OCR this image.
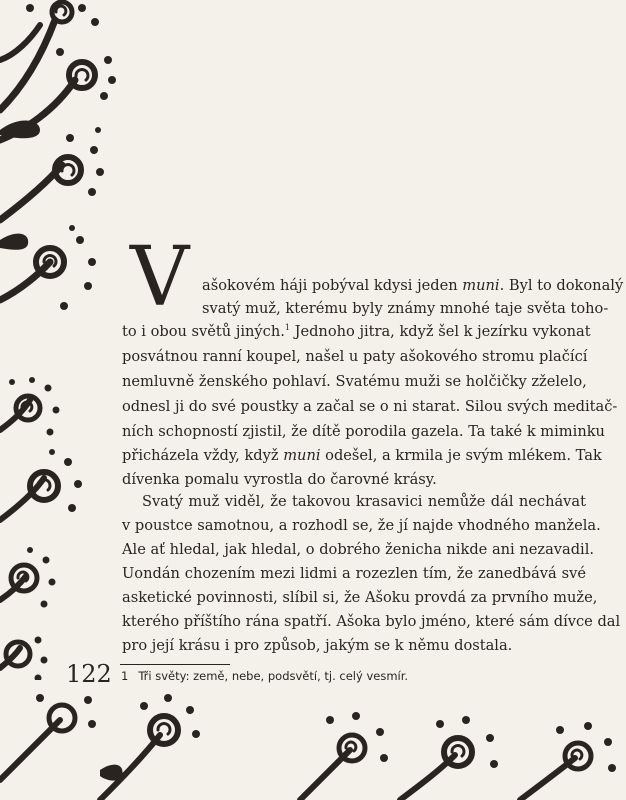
V ašokovém háji pobýval kdysi jeden muni. Byl to dokonalý
svatý muž, kterému byly známy mnohé taje světa toho-
to i obou světů jiných.$^1$ Jednoho jitra, když šel k jezírku vykonat
posvátnou ranní koupel, našel u paty ašokového stromu plačící
nemluvně ženského pohlaví. Svatému muži se holčičky zželelo,
odnesl ji do své poustky a začal se o ni starat. Silou svých meditač-
ních schopností zjistil, že dítě porodila gazela. Ta také k miminku
přicházela vždy, když muni odešel, a krmila je svým mlékem. Tak
dívenka pomalu vyrostla do čarovné krásy.
Svatý muž viděl, že takovou krasavici nemůže dál nechávat
v poustce samotnou, a rozhodl se, že jí najde vhodného manžela.
Ale ať hledal, jak hledal, o dobrého ženicha nikde ani nezavadil.
Uondán chozením mezi lidmi a rozezlen tím, že zanedbává své
asketické povinnosti, slíbil si, že Ašoku provdá za prvního muže,
kterého příštího rána spatří. Ašoka bylo jméno, které sám dívce dal
pro její krásu i pro způsob, jakým se k němu dostala.
122 1 Tři světy: země, nebe, podsvětí, tj. celý vesmír.
